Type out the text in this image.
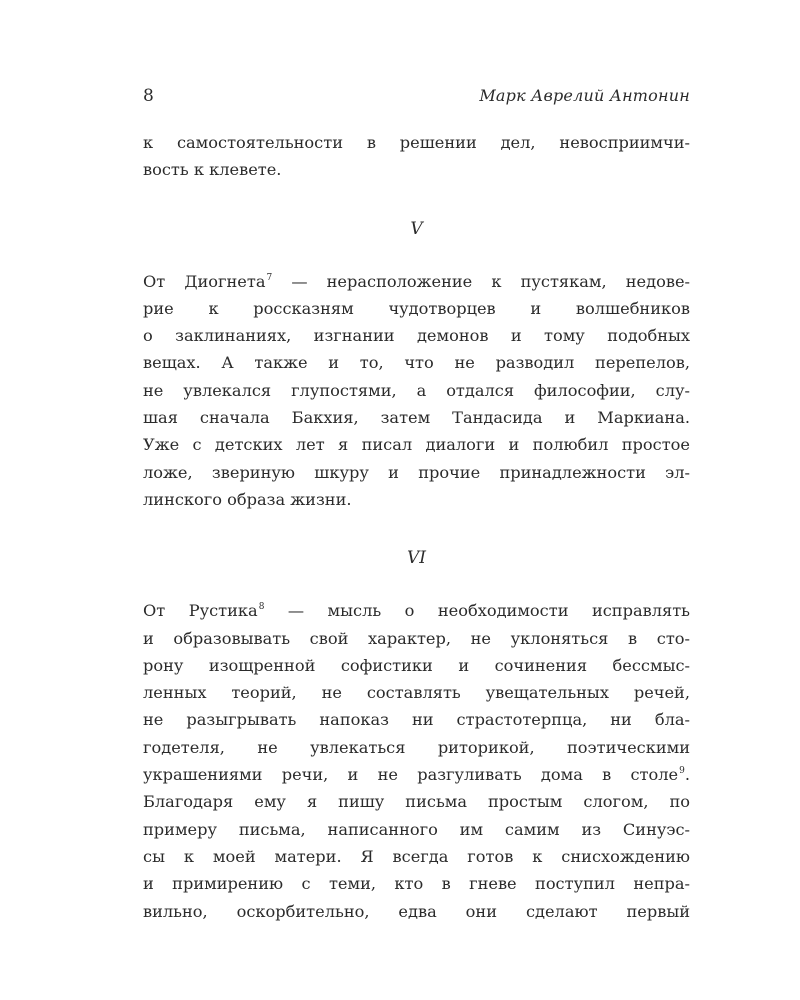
8	Марк Аврелий Антонин
к самостоятельности в решении дел, невосприимчи-
вость к клевете.
V
От Диогнета$^7$ — нерасположение к пустякам, недове-
рие к россказням чудотворцев и волшебников
о заклинаниях, изгнании демонов и тому подобных
вещах. А также и то, что не разводил перепелов,
не увлекался глупостями, а отдался философии, слу-
шая сначала Бакхия, затем Тандасида и Маркиана.
Уже с детских лет я писал диалоги и полюбил простое
ложе, звериную шкуру и прочие принадлежности эл-
линского образа жизни.
VI
От Рустика$^8$ — мысль о необходимости исправлять
и образовывать свой характер, не уклоняться в сто-
рону изощренной софистики и сочинения бессмыс-
ленных теорий, не составлять увещательных речей,
не разыгрывать напоказ ни страстотерпца, ни бла-
годетеля, не увлекаться риторикой, поэтическими
украшениями речи, и не разгуливать дома в столе$^9$.
Благодаря ему я пишу письма простым слогом, по
примеру письма, написанного им самим из Синуэс-
сы к моей матери. Я всегда готов к снисхождению
и примирению с теми, кто в гневе поступил непра-
вильно, оскорбительно, едва они сделают первый
